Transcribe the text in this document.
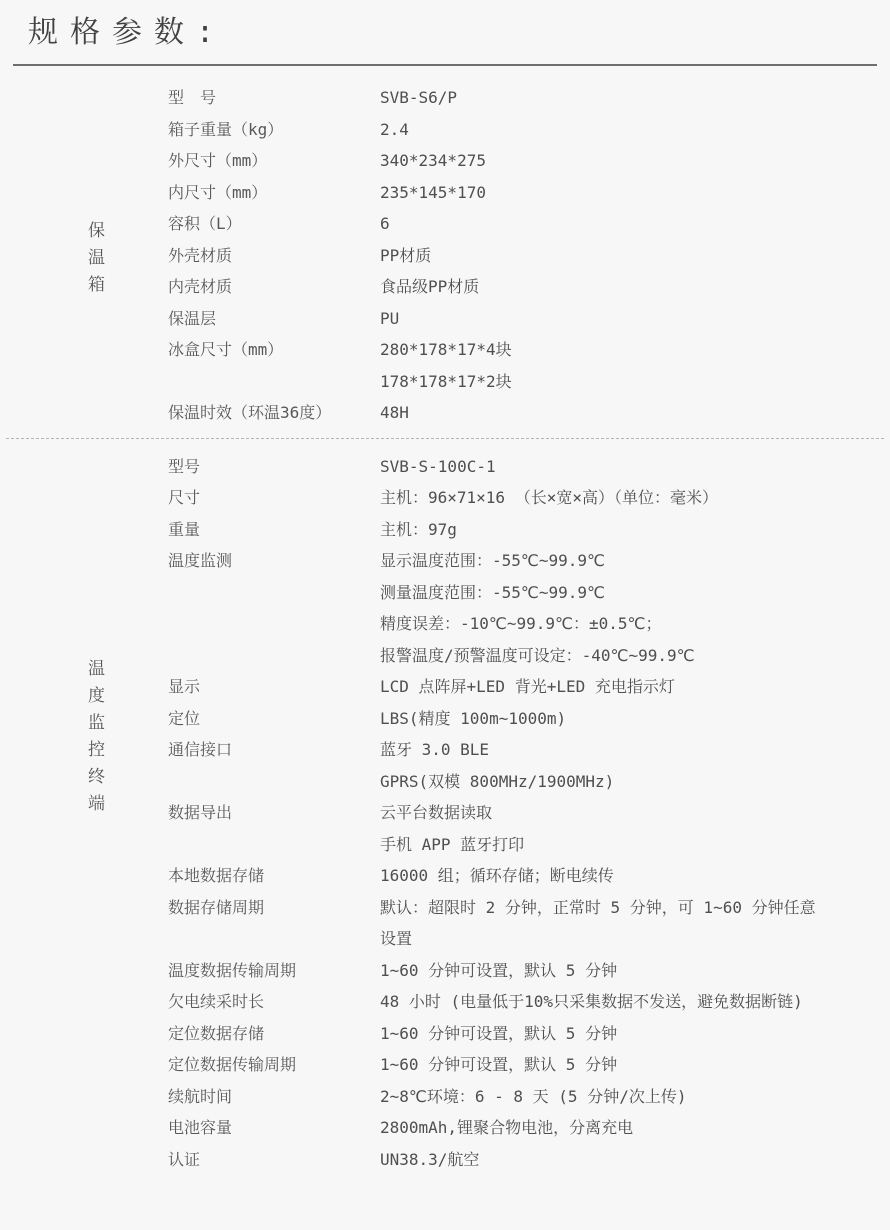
规格参数:
保温箱
型　号	SVB-S6/P
箱子重量（kg）	2.4
外尺寸（mm）	340*234*275
内尺寸（mm）	235*145*170
容积（L）	6
外壳材质	PP材质
内壳材质	食品级PP材质
保温层	PU
冰盒尺寸（mm）	280*178*17*4块
178*178*17*2块
保温时效（环温36度）	48H
温度监控终端
型号	SVB-S-100C-1
尺寸	主机：96×71×16 （长×宽×高）（单位：毫米）
重量	主机：97g
温度监测	显示温度范围：-55℃~99.9℃
测量温度范围：-55℃~99.9℃
精度误差：-10℃~99.9℃：±0.5℃；
报警温度/预警温度可设定：-40℃~99.9℃
显示	LCD 点阵屏+LED 背光+LED 充电指示灯
定位	LBS(精度 100m~1000m)
通信接口	蓝牙 3.0 BLE
GPRS(双模 800MHz/1900MHz)
数据导出	云平台数据读取
手机 APP 蓝牙打印
本地数据存储	16000 组；循环存储；断电续传
数据存储周期	默认：超限时 2 分钟，正常时 5 分钟，可 1~60 分钟任意
设置
温度数据传输周期	1~60 分钟可设置，默认 5 分钟
欠电续采时长	48 小时 (电量低于10%只采集数据不发送，避免数据断链)
定位数据存储	1~60 分钟可设置，默认 5 分钟
定位数据传输周期	1~60 分钟可设置，默认 5 分钟
续航时间	2~8℃环境：6 - 8 天 (5 分钟/次上传)
电池容量	2800mAh,锂聚合物电池，分离充电
认证	UN38.3/航空
